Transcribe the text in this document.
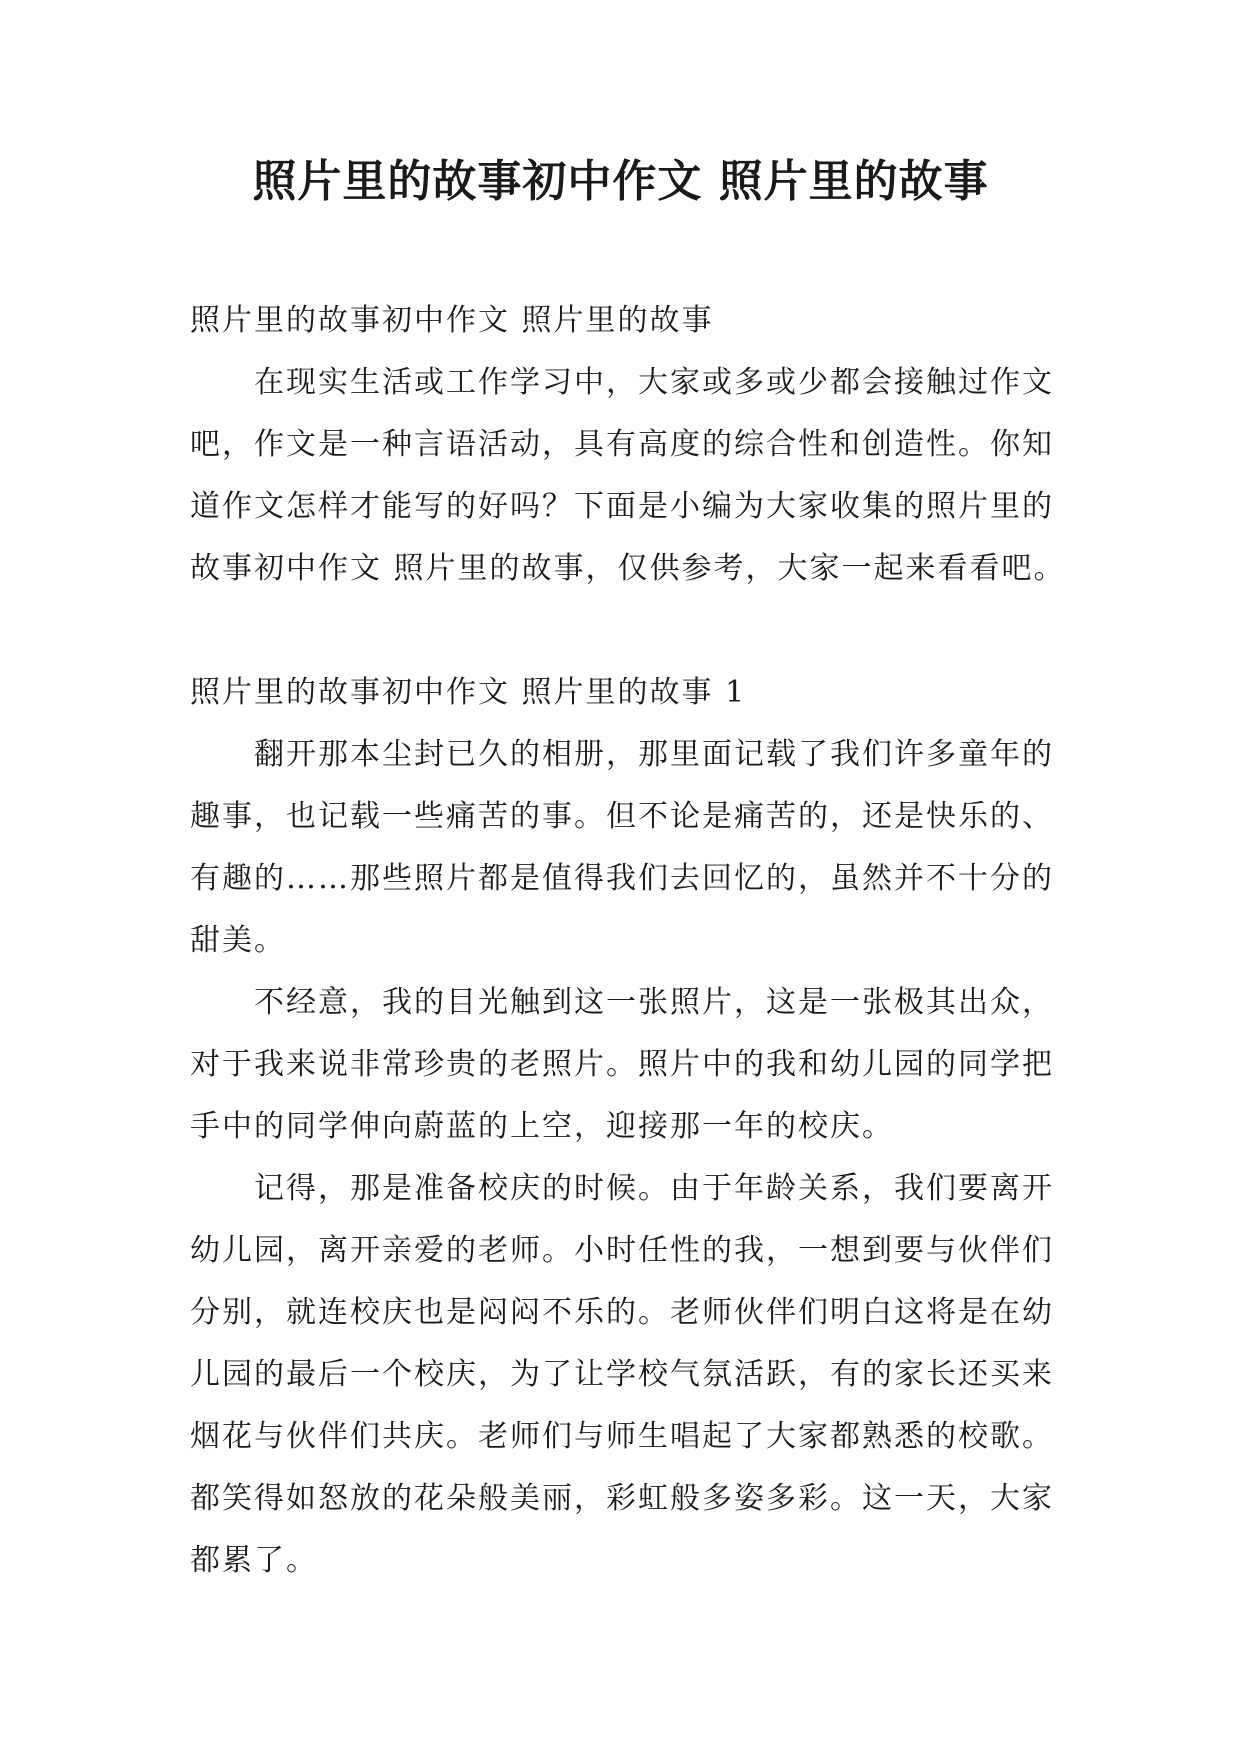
照片里的故事初中作文 照片里的故事
照片里的故事初中作文 照片里的故事

在现实生活或工作学习中，大家或多或少都会接触过作文吧，作文是一种言语活动，具有高度的综合性和创造性。你知道作文怎样才能写的好吗？下面是小编为大家收集的照片里的故事初中作文 照片里的故事，仅供参考，大家一起来看看吧。

照片里的故事初中作文 照片里的故事 1

翻开那本尘封已久的相册，那里面记载了我们许多童年的趣事，也记载一些痛苦的事。但不论是痛苦的，还是快乐的、有趣的……那些照片都是值得我们去回忆的，虽然并不十分的甜美。

不经意，我的目光触到这一张照片，这是一张极其出众，对于我来说非常珍贵的老照片。照片中的我和幼儿园的同学把手中的同学伸向蔚蓝的上空，迎接那一年的校庆。

记得，那是准备校庆的时候。由于年龄关系，我们要离开幼儿园，离开亲爱的老师。小时任性的我，一想到要与伙伴们分别，就连校庆也是闷闷不乐的。老师伙伴们明白这将是在幼儿园的最后一个校庆，为了让学校气氛活跃，有的家长还买来烟花与伙伴们共庆。老师们与师生唱起了大家都熟悉的校歌。都笑得如怒放的花朵般美丽，彩虹般多姿多彩。这一天，大家都累了。
